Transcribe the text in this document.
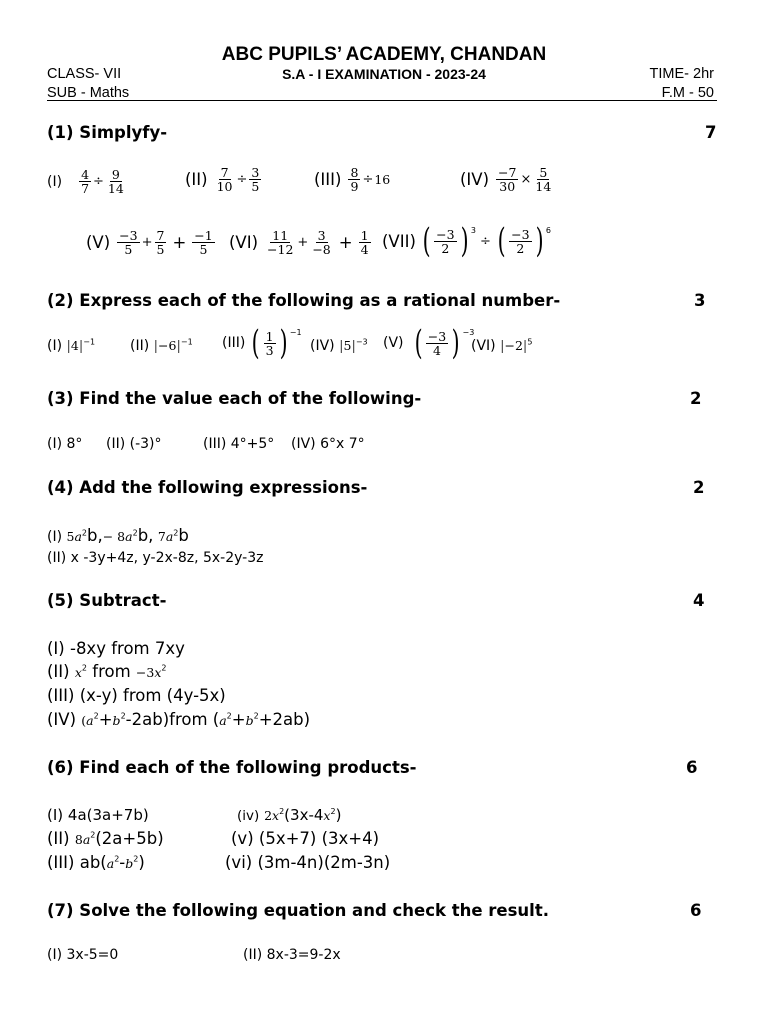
ABC PUPILS’ ACADEMY, CHANDAN
CLASS- VII	S.A - I EXAMINATION - 2023-24	TIME- 2hr
SUB - Maths	F.M - 50
(1) Simplyfy-	7
$(I) \frac{4}{7} \div \frac{9}{14}$	$(II) \frac{7}{10} \div \frac{3}{5}$	$(III) \frac{8}{9} \div 16$	$(IV) \frac{-7}{30} \times \frac{5}{14}$
$(V) \frac{-3}{5} + \frac{7}{5} + \frac{-1}{5} (VI) \frac{11}{-12} + \frac{3}{-8} + \frac{1}{4} (VII)$ ( $\frac{-3}{2}$ ) 3
÷ ( $\frac{-3}{2}$ ) 6
(2) Express each of the following as a rational number-	3
(I) $|4|^{-1}$ (II) $|-6|^{-1}$ (III) ( $\frac{1}{3}$ ) −1
(IV) $|5|^{-3}$ (V) ( $\frac{-3}{4}$ ) −3
(VI) $|-2|^5$
(3) Find the value each of the following-	2
(I) 8° (II) (-3)°	(III) 4°+5° (IV) 6°x 7°
(4) Add the following expressions-	2
(I) $5a^2b,- 8a^2b$, $7a^2b$
(II) x -3y+4z, y-2x-8z, 5x-2y-3z
(5) Subtract-	4
(I) -8xy from 7xy
(II) $x^2$ from $-3x^2$
(III) (x-y) from (4y-5x)
(IV) $(a^2+b^2-2ab)from$ $(a^2+b^2+2ab)$
(6) Find each of the following products-	6
(I) 4a(3a+7b)	(iv) $2x^2(3x-4x^2)$
(II) $8a^2(2a+5b)$	(v) (5x+7) (3x+4)
(III) $ab(a^2-b^2)$	(vi) (3m-4n)(2m-3n)
(7) Solve the following equation and check the result.	6
(I) 3x-5=0	(II) 8x-3=9-2x
